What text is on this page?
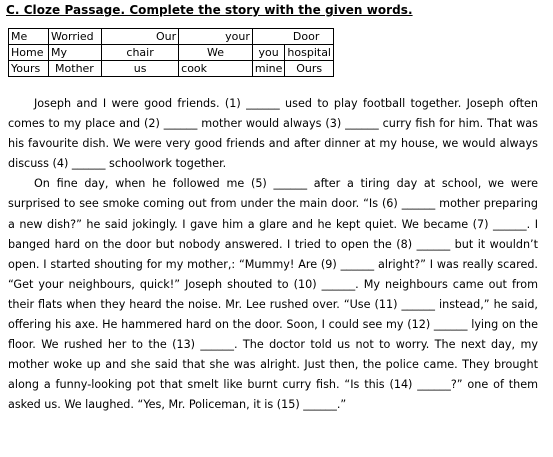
C. Cloze Passage. Complete the story with the given words.
Me	Worried	Our	your	Door	
Home	My	chair	We	you	hospital
Yours	Mother	us	cook	mine	Ours

Joseph and I were good friends. (1) ______ used to play football together. Joseph often comes to my place and (2) ______ mother would always (3) ______ curry fish for him. That was his favourite dish. We were very good friends and after dinner at my house, we would always discuss (4) ______ schoolwork together.

On fine day, when he followed me (5) ______ after a tiring day at school, we were surprised to see smoke coming out from under the main door. “Is (6) ______ mother preparing a new dish?” he said jokingly. I gave him a glare and he kept quiet. We became (7) ______. I banged hard on the door but nobody answered. I tried to open the (8) ______ but it wouldn’t open. I started shouting for my mother,: “Mummy! Are (9) ______ alright?” I was really scared. “Get your neighbours, quick!” Joseph shouted to (10) ______. My neighbours came out from their flats when they heard the noise. Mr. Lee rushed over. “Use (11) ______ instead,” he said, offering his axe. He hammered hard on the door. Soon, I could see my (12) ______ lying on the floor. We rushed her to the (13) ______. The doctor told us not to worry. The next day, my mother woke up and she said that she was alright. Just then, the police came. They brought along a funny-looking pot that smelt like burnt curry fish. “Is this (14) ______?” one of them asked us. We laughed. “Yes, Mr. Policeman, it is (15) ______.”
